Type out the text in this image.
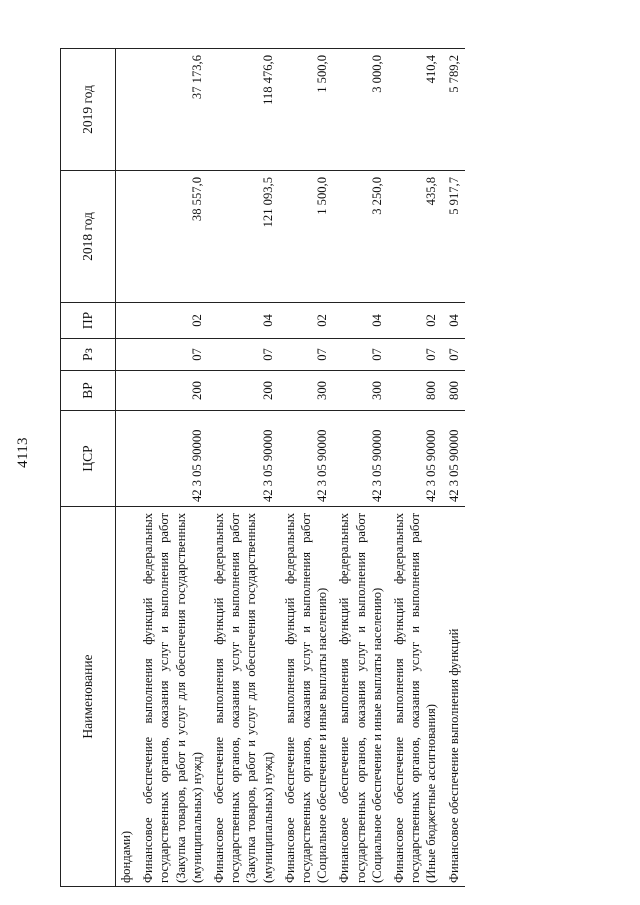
4113
Наименование	ЦСР	ВР	Рз	ПР	2018 год	2019 год
фондами)						
Финансовое обеспечение выполнения функций федеральных государственных органов, оказания услуг и выполнения работ (Закупка товаров, работ и услуг для обеспечения государственных (муниципальных) нужд)	42 3 05 90000	200	07	02	38 557,0	37 173,6
Финансовое обеспечение выполнения функций федеральных государственных органов, оказания услуг и выполнения работ (Закупка товаров, работ и услуг для обеспечения государственных (муниципальных) нужд)	42 3 05 90000	200	07	04	121 093,5	118 476,0
Финансовое обеспечение выполнения функций федеральных государственных органов, оказания услуг и выполнения работ (Социальное обеспечение и иные выплаты населению)	42 3 05 90000	300	07	02	1 500,0	1 500,0
Финансовое обеспечение выполнения функций федеральных государственных органов, оказания услуг и выполнения работ (Социальное обеспечение и иные выплаты населению)	42 3 05 90000	300	07	04	3 250,0	3 000,0
Финансовое обеспечение выполнения функций федеральных государственных органов, оказания услуг и выполнения работ (Иные бюджетные ассигнования)	42 3 05 90000	800	07	02	435,8	410,4
Финансовое обеспечение выполнения функций	42 3 05 90000	800	07	04	5 917,7	5 789,2
